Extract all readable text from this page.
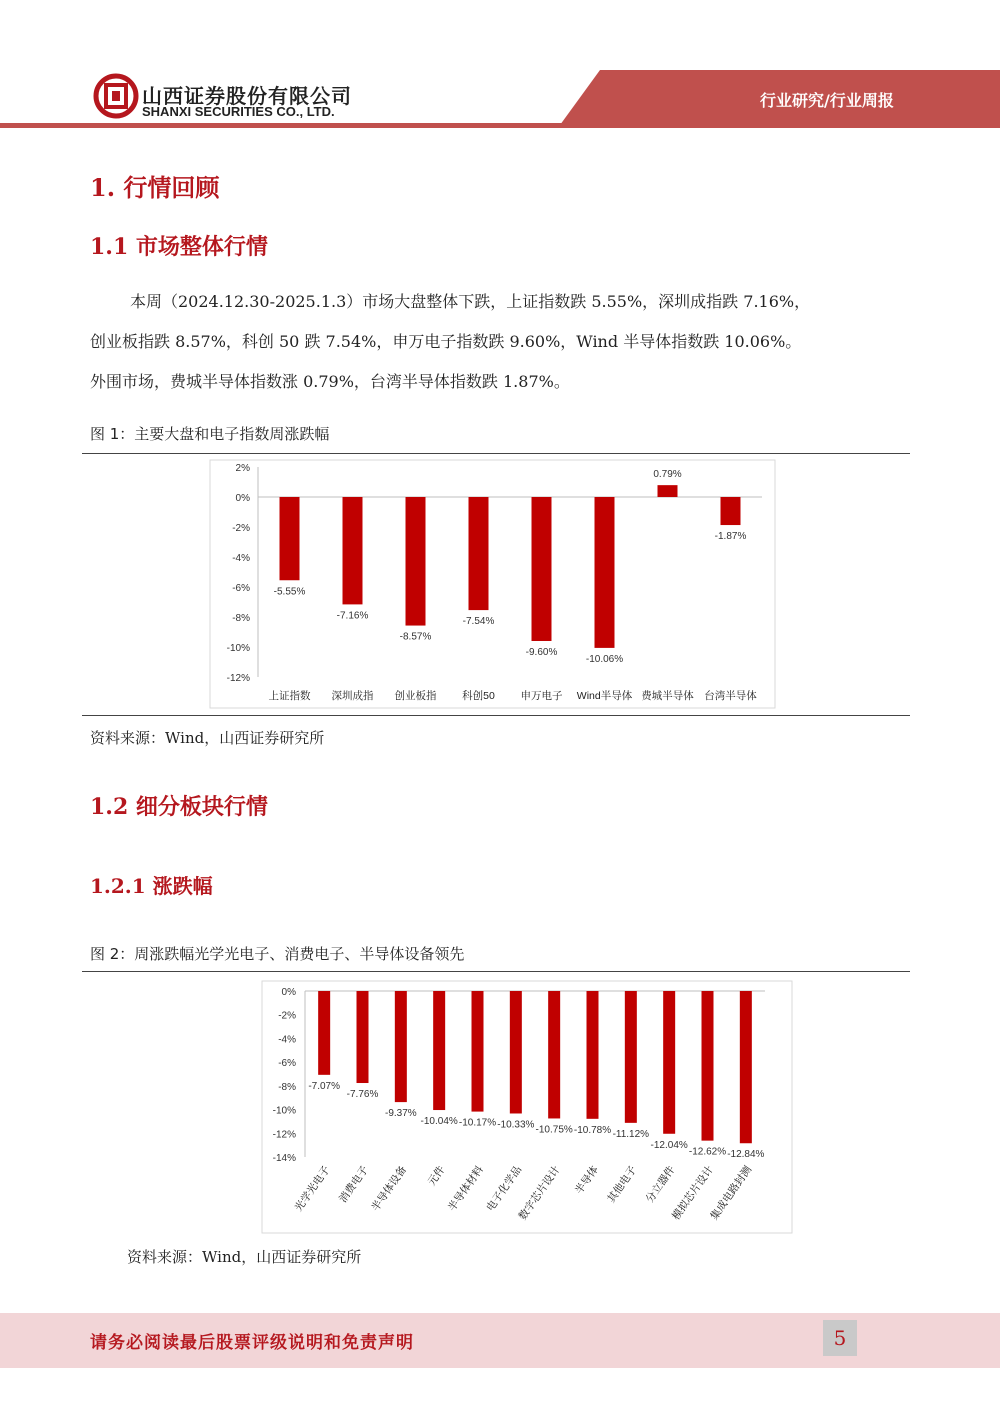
山西证券股份有限公司
SHANXI SECURITIES CO., LTD.
行业研究/行业周报
1. 行情回顾
1.1 市场整体行情
本周（2024.12.30-2025.1.3）市场大盘整体下跌，上证指数跌 5.55%，深圳成指跌 7.16%，
创业板指跌 8.57%，科创 50 跌 7.54%，申万电子指数跌 9.60%，Wind 半导体指数跌 10.06%。
外围市场，费城半导体指数涨 0.79%，台湾半导体指数跌 1.87%。
图 1：主要大盘和电子指数周涨跌幅
2%
0%
-2%
-4%
-6%
-8%
-10%
-12%
-5.55%
上证指数
-7.16%
深圳成指
-8.57%
创业板指
-7.54%
科创50
-9.60%
申万电子
-10.06%
Wind半导体
0.79%
费城半导体
-1.87%
台湾半导体
资料来源：Wind，山西证券研究所
1.2 细分板块行情
1.2.1 涨跌幅
图 2：周涨跌幅光学光电子、消费电子、半导体设备领先
0%
-2%
-4%
-6%
-8%
-10%
-12%
-14%
-7.07%
光学光电子
-7.76%
消费电子
-9.37%
半导体设备
-10.04%
元件
-10.17%
半导体材料
-10.33%
电子化学品
-10.75%
数字芯片设计
-10.78%
半导体
-11.12%
其他电子
-12.04%
分立器件
-12.62%
模拟芯片设计
-12.84%
集成电路封测
资料来源：Wind，山西证券研究所
请务必阅读最后股票评级说明和免责声明	5
